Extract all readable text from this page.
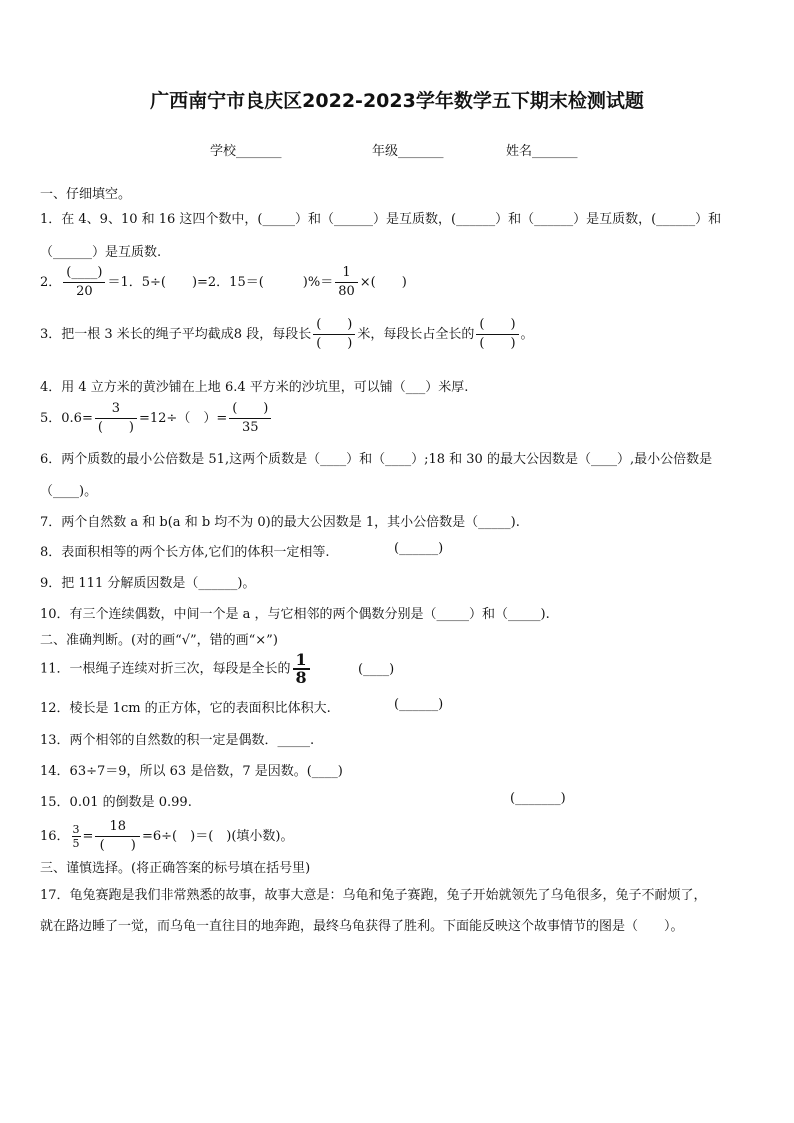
广西南宁市良庆区2022-2023学年数学五下期末检测试题
学校_______	年级_______	姓名_______
一、仔细填空。
1．在 4、9、10 和 16 这四个数中，(_____）和（______）是互质数，(______）和（______）是互质数，(______）和
（______）是互质数.
2． $\frac{(\_\_\_\_)}{20} =1$．5÷(　　)=2．15＝(　　　)%＝ $\frac{1}{80}$ ×(　　)
3．把一根 3 米长的绳子平均截成8 段，每段长 $\frac{( )}{( )}$ 米，每段长占全长的 $\frac{( )}{( )}$ 。
4．用 4 立方米的黄沙铺在上地 6.4 平方米的沙坑里，可以铺（___）米厚.
5．$0.6= \frac{3}{( )} =12\div$（　）= $\frac{( )}{35}$
6．两个质数的最小公倍数是 51,这两个质数是（____）和（____）;18 和 30 的最大公因数是（____）,最小公倍数是
（____)。
7．两个自然数 a 和 b(a 和 b 均不为 0)的最大公因数是 1，其小公倍数是（_____).
8．表面积相等的两个长方体,它们的体积一定相等.	(______)
9．把 111 分解质因数是（______)。
10．有三个连续偶数，中间一个是 a ，与它相邻的两个偶数分别是（_____）和（_____).
二、准确判断。(对的画“√”，错的画“×”)
11．一根绳子连续对折三次，每段是全长的 $\frac{1}{8}$	(____)
12．棱长是 1cm 的正方体，它的表面积比体积大.	(______)
13．两个相邻的自然数的积一定是偶数．_____.
14．63÷7＝9，所以 63 是倍数，7 是因数。(____)
15．0.01 的倒数是 0.99.	(_______)
16． $\frac{3}{5} = \frac{18}{( )} =6\div$(　)＝(　)(填小数)。
三、谨慎选择。(将正确答案的标号填在括号里)
17．龟兔赛跑是我们非常熟悉的故事，故事大意是：乌龟和兔子赛跑，兔子开始就领先了乌龟很多，兔子不耐烦了，
就在路边睡了一觉，而乌龟一直往目的地奔跑，最终乌龟获得了胜利。下面能反映这个故事情节的图是（　　）。
